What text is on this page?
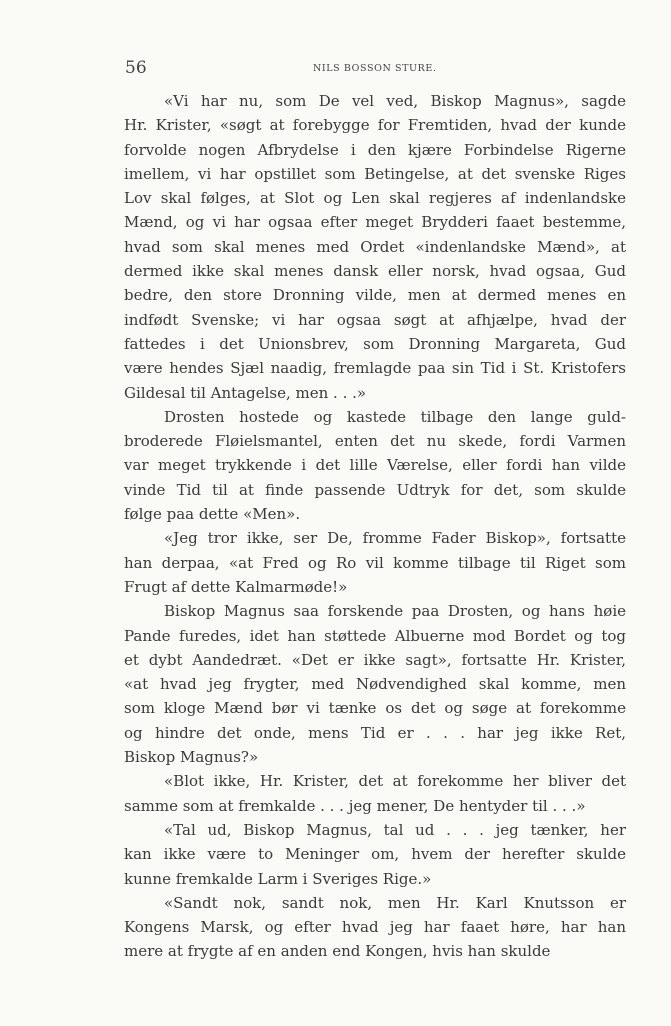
56	NILS BOSSON STURE.
«Vi har nu, som De vel ved, Biskop Magnus», sagde
Hr. Krister, «søgt at forebygge for Fremtiden, hvad der kunde
forvolde nogen Afbrydelse i den kjære Forbindelse Rigerne
imellem, vi har opstillet som Betingelse, at det svenske Riges
Lov skal følges, at Slot og Len skal regjeres af indenlandske
Mænd, og vi har ogsaa efter meget Brydderi faaet bestemme,
hvad som skal menes med Ordet «indenlandske Mænd», at
dermed ikke skal menes dansk eller norsk, hvad ogsaa, Gud
bedre, den store Dronning vilde, men at dermed menes en
indfødt Svenske; vi har ogsaa søgt at afhjælpe, hvad der
fattedes i det Unionsbrev, som Dronning Margareta, Gud
være hendes Sjæl naadig, fremlagde paa sin Tid i St. Kristofers
Gildesal til Antagelse, men . . .»
Drosten hostede og kastede tilbage den lange guld-
broderede Fløielsmantel, enten det nu skede, fordi Varmen
var meget trykkende i det lille Værelse, eller fordi han vilde
vinde Tid til at finde passende Udtryk for det, som skulde
følge paa dette «Men».
«Jeg tror ikke, ser De, fromme Fader Biskop», fortsatte
han derpaa, «at Fred og Ro vil komme tilbage til Riget som
Frugt af dette Kalmarmøde!»
Biskop Magnus saa forskende paa Drosten, og hans høie
Pande furedes, idet han støttede Albuerne mod Bordet og tog
et dybt Aandedræt. «Det er ikke sagt», fortsatte Hr. Krister,
«at hvad jeg frygter, med Nødvendighed skal komme, men
som kloge Mænd bør vi tænke os det og søge at forekomme
og hindre det onde, mens Tid er . . . har jeg ikke Ret,
Biskop Magnus?»
«Blot ikke, Hr. Krister, det at forekomme her bliver det
samme som at fremkalde . . . jeg mener, De hentyder til . . .»
«Tal ud, Biskop Magnus, tal ud . . . jeg tænker, her
kan ikke være to Meninger om, hvem der herefter skulde
kunne fremkalde Larm i Sveriges Rige.»
«Sandt nok, sandt nok, men Hr. Karl Knutsson er
Kongens Marsk, og efter hvad jeg har faaet høre, har han
mere at frygte af en anden end Kongen, hvis han skulde
